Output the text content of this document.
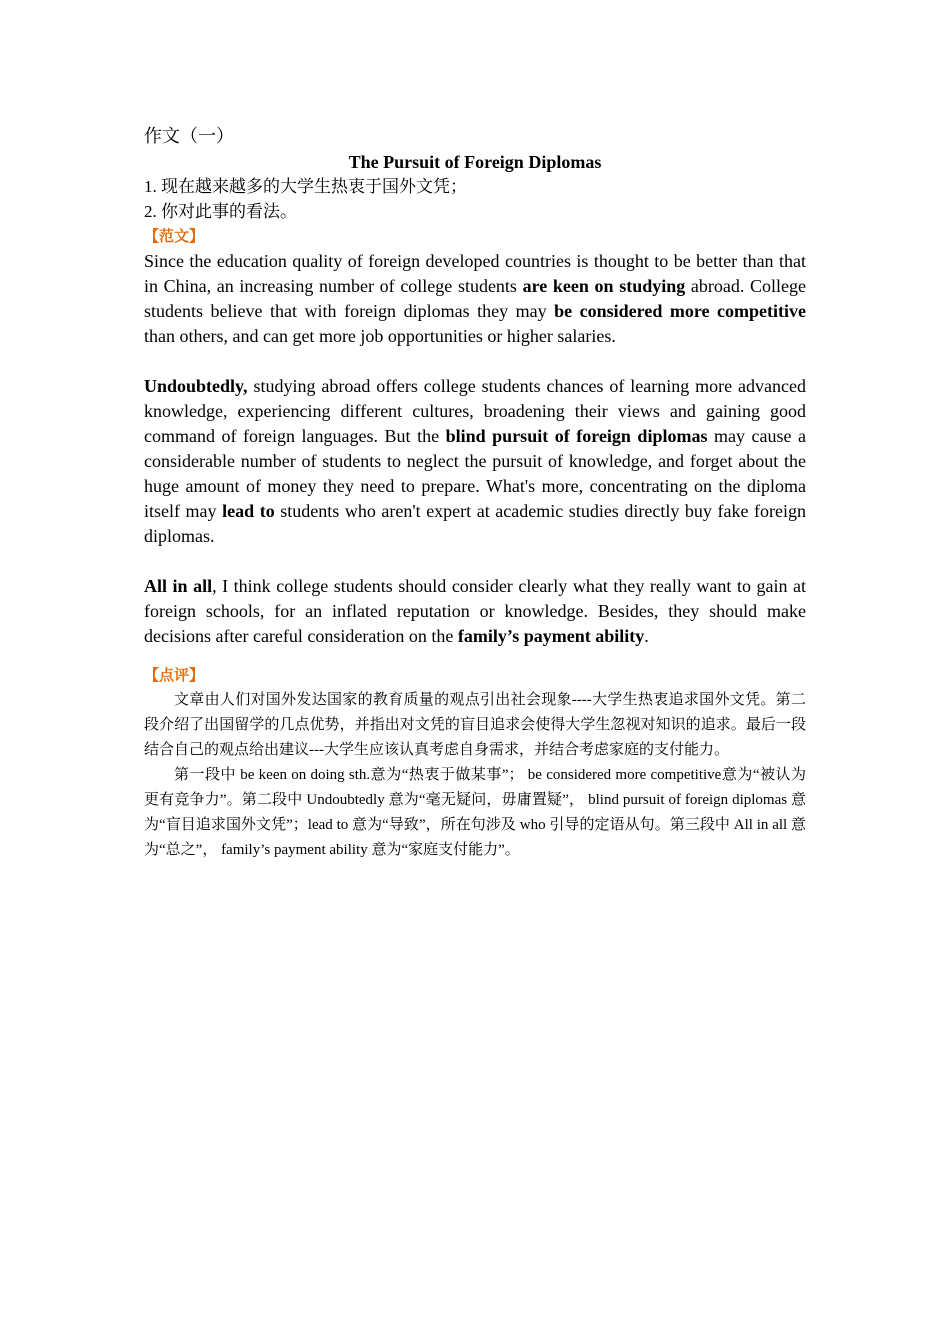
作文（一）

The Pursuit of Foreign Diplomas

1. 现在越来越多的大学生热衷于国外文凭；

2. 你对此事的看法。

【范文】

Since the education quality of foreign developed countries is thought to be better than that in China, an increasing number of college students are keen on studying abroad. College students believe that with foreign diplomas they may be considered more competitive than others, and can get more job opportunities or higher salaries.

Undoubtedly, studying abroad offers college students chances of learning more advanced knowledge, experiencing different cultures, broadening their views and gaining good command of foreign languages. But the blind pursuit of foreign diplomas may cause a considerable number of students to neglect the pursuit of knowledge, and forget about the huge amount of money they need to prepare. What's more, concentrating on the diploma itself may lead to students who aren't expert at academic studies directly buy fake foreign diplomas.

All in all, I think college students should consider clearly what they really want to gain at foreign schools, for an inflated reputation or knowledge. Besides, they should make decisions after careful consideration on the family’s payment ability.

【点评】

文章由人们对国外发达国家的教育质量的观点引出社会现象----大学生热衷追求国外文凭。第二段介绍了出国留学的几点优势，并指出对文凭的盲目追求会使得大学生忽视对知识的追求。最后一段结合自己的观点给出建议---大学生应该认真考虑自身需求，并结合考虑家庭的支付能力。

第一段中 be keen on doing sth.意为“热衷于做某事”； be considered more competitive意为“被认为更有竞争力”。第二段中 Undoubtedly 意为“毫无疑问，毋庸置疑”， blind pursuit of foreign diplomas 意为“盲目追求国外文凭”；lead to 意为“导致”，所在句涉及 who 引导的定语从句。第三段中 All in all 意为“总之”， family’s payment ability 意为“家庭支付能力”。
